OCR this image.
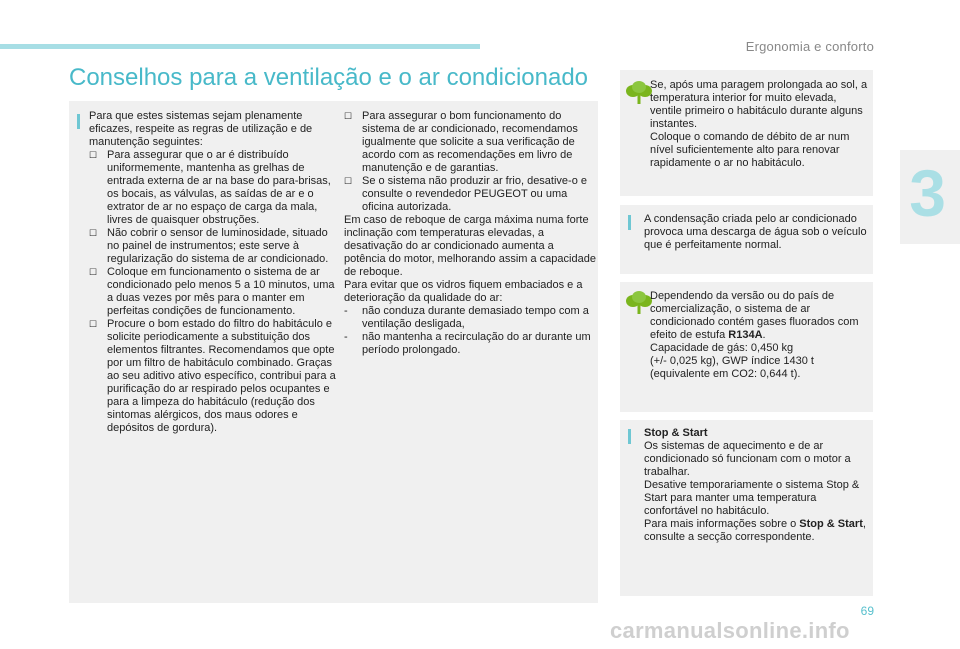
Ergonomia e conforto
3
Conselhos para a ventilação e o ar condicionado

Para que estes sistemas sejam plenamente eficazes, respeite as regras de utilização e de manutenção seguintes:

☐ Para assegurar que o ar é distribuído uniformemente, mantenha as grelhas de entrada externa de ar na base do para-brisas, os bocais, as válvulas, as saídas de ar e o extrator de ar no espaço de carga da mala, livres de quaisquer obstruções.

☐ Não cobrir o sensor de luminosidade, situado no painel de instrumentos; este serve à regularização do sistema de ar condicionado.

☐ Coloque em funcionamento o sistema de ar condicionado pelo menos 5 a 10 minutos, uma a duas vezes por mês para o manter em perfeitas condições de funcionamento.

☐ Procure o bom estado do filtro do habitáculo e solicite periodicamente a substituição dos elementos filtrantes. Recomendamos que opte por um filtro de habitáculo combinado. Graças ao seu aditivo ativo específico, contribui para a purificação do ar respirado pelos ocupantes e para a limpeza do habitáculo (redução dos sintomas alérgicos, dos maus odores e depósitos de gordura).

☐ Para assegurar o bom funcionamento do sistema de ar condicionado, recomendamos igualmente que solicite a sua verificação de acordo com as recomendações em livro de manutenção e de garantias.

☐ Se o sistema não produzir ar frio, desative-o e consulte o revendedor PEUGEOT ou uma oficina autorizada.

Em caso de reboque de carga máxima numa forte inclinação com temperaturas elevadas, a desativação do ar condicionado aumenta a potência do motor, melhorando assim a capacidade de reboque.

Para evitar que os vidros fiquem embaciados e a deterioração da qualidade do ar:

- não conduza durante demasiado tempo com a ventilação desligada,

- não mantenha a recirculação do ar durante um período prolongado.

Se, após uma paragem prolongada ao sol, a temperatura interior for muito elevada, ventile primeiro o habitáculo durante alguns instantes.

Coloque o comando de débito de ar num nível suficientemente alto para renovar rapidamente o ar no habitáculo.

A condensação criada pelo ar condicionado provoca uma descarga de água sob o veículo que é perfeitamente normal.

Dependendo da versão ou do país de comercialização, o sistema de ar condicionado contém gases fluorados com efeito de estufa R134A.

Capacidade de gás: 0,450 kg

(+/- 0,025 kg), GWP índice 1430 t (equivalente em CO2: 0,644 t).

Stop & Start

Os sistemas de aquecimento e de ar condicionado só funcionam com o motor a trabalhar.

Desative temporariamente o sistema Stop & Start para manter uma temperatura confortável no habitáculo.

Para mais informações sobre o Stop & Start, consulte a secção correspondente.

69
carmanualsonline.info
